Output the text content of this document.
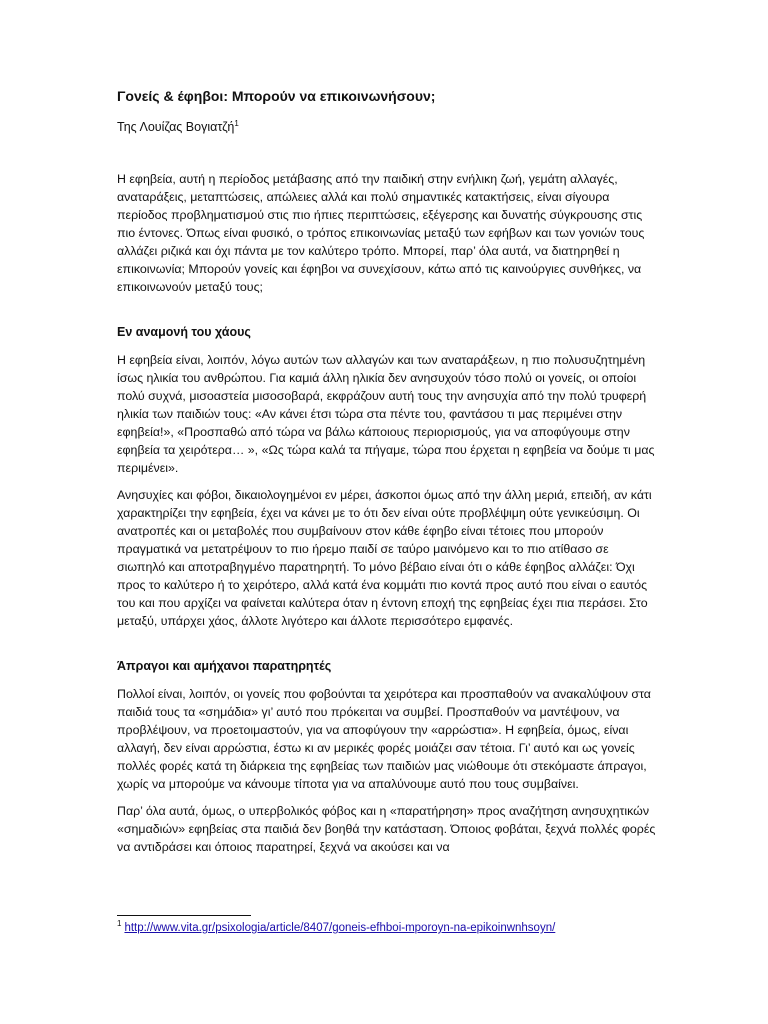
Γονείς & έφηβοι: Μπορούν να επικοινωνήσουν;
Της Λουίζας Βογιατζή$^1$

Η εφηβεία, αυτή η περίοδος μετάβασης από την παιδική στην ενήλικη ζωή, γεμάτη αλλαγές, αναταράξεις, μεταπτώσεις, απώλειες αλλά και πολύ σημαντικές κατακτήσεις, είναι σίγουρα περίοδος προβληματισμού στις πιο ήπιες περιπτώσεις, εξέγερσης και δυνατής σύγκρουσης στις πιο έντονες. Όπως είναι φυσικό, ο τρόπος επικοινωνίας μεταξύ των εφήβων και των γονιών τους αλλάζει ριζικά και όχι πάντα με τον καλύτερο τρόπο. Μπορεί, παρ’ όλα αυτά, να διατηρηθεί η επικοινωνία; Μπορούν γονείς και έφηβοι να συνεχίσουν, κάτω από τις καινούργιες συνθήκες, να επικοινωνούν μεταξύ τους;

Εν αναμονή του χάους

Η εφηβεία είναι, λοιπόν, λόγω αυτών των αλλαγών και των αναταράξεων, η πιο πολυσυζητημένη ίσως ηλικία του ανθρώπου. Για καμιά άλλη ηλικία δεν ανησυχούν τόσο πολύ οι γονείς, οι οποίοι πολύ συχνά, μισοαστεία μισοσοβαρά, εκφράζουν αυτή τους την ανησυχία από την πολύ τρυφερή ηλικία των παιδιών τους: «Αν κάνει έτσι τώρα στα πέντε του, φαντάσου τι μας περιμένει στην εφηβεία!», «Προσπαθώ από τώρα να βάλω κάποιους περιορισμούς, για να αποφύγουμε στην εφηβεία τα χειρότερα… », «Ως τώρα καλά τα πήγαμε, τώρα που έρχεται η εφηβεία να δούμε τι μας περιμένει».

Ανησυχίες και φόβοι, δικαιολογημένοι εν μέρει, άσκοποι όμως από την άλλη μεριά, επειδή, αν κάτι χαρακτηρίζει την εφηβεία, έχει να κάνει με το ότι δεν είναι ούτε προβλέψιμη ούτε γενικεύσιμη. Οι ανατροπές και οι μεταβολές που συμβαίνουν στον κάθε έφηβο είναι τέτοιες που μπορούν πραγματικά να μετατρέψουν το πιο ήρεμο παιδί σε ταύρο μαινόμενο και το πιο ατίθασο σε σιωπηλό και αποτραβηγμένο παρατηρητή. Το μόνο βέβαιο είναι ότι ο κάθε έφηβος αλλάζει: Όχι προς το καλύτερο ή το χειρότερο, αλλά κατά ένα κομμάτι πιο κοντά προς αυτό που είναι ο εαυτός του και που αρχίζει να φαίνεται καλύτερα όταν η έντονη εποχή της εφηβείας έχει πια περάσει. Στο μεταξύ, υπάρχει χάος, άλλοτε λιγότερο και άλλοτε περισσότερο εμφανές.

Άπραγοι και αμήχανοι παρατηρητές

Πολλοί είναι, λοιπόν, οι γονείς που φοβούνται τα χειρότερα και προσπαθούν να ανακαλύψουν στα παιδιά τους τα «σημάδια» γι’ αυτό που πρόκειται να συμβεί. Προσπαθούν να μαντέψουν, να προβλέψουν, να προετοιμαστούν, για να αποφύγουν την «αρρώστια». Η εφηβεία, όμως, είναι αλλαγή, δεν είναι αρρώστια, έστω κι αν μερικές φορές μοιάζει σαν τέτοια. Γι’ αυτό και ως γονείς πολλές φορές κατά τη διάρκεια της εφηβείας των παιδιών μας νιώθουμε ότι στεκόμαστε άπραγοι, χωρίς να μπορούμε να κάνουμε τίποτα για να απαλύνουμε αυτό που τους συμβαίνει.

Παρ’ όλα αυτά, όμως, ο υπερβολικός φόβος και η «παρατήρηση» προς αναζήτηση ανησυχητικών «σημαδιών» εφηβείας στα παιδιά δεν βοηθά την κατάσταση. Όποιος φοβάται, ξεχνά πολλές φορές να αντιδράσει και όποιος παρατηρεί, ξεχνά να ακούσει και να

$^1$ http://www.vita.gr/psixologia/article/8407/goneis-efhboi-mporoyn-na-epikoinwnhsoyn/
